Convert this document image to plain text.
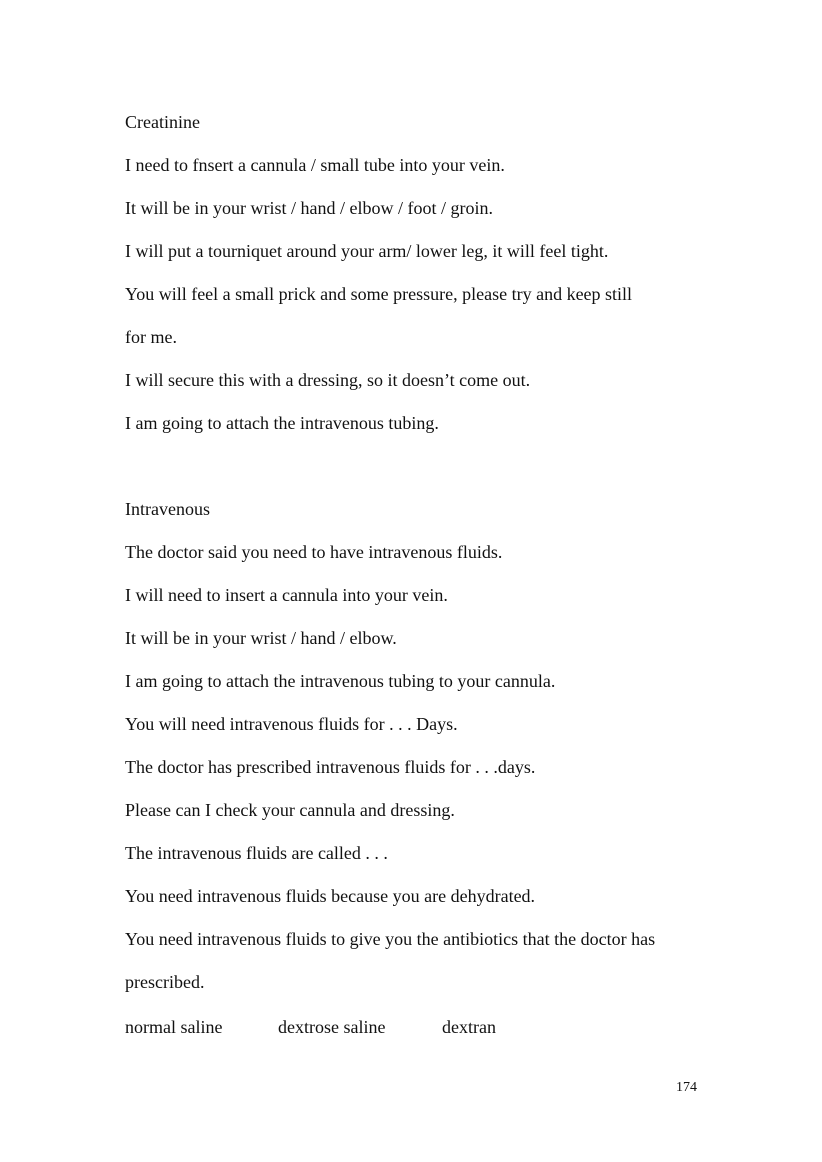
Creatinine
I need to fnsert a cannula / small tube into your vein.
It will be in your wrist / hand / elbow / foot / groin.
I will put a tourniquet around your arm/ lower leg, it will feel tight.
You will feel a small prick and some pressure, please try and keep still
for me.
I will secure this with a dressing, so it doesn’t come out.
I am going to attach the intravenous tubing.
Intravenous
The doctor said you need to have intravenous fluids.
I will need to insert a cannula into your vein.
It will be in your wrist / hand / elbow.
I am going to attach the intravenous tubing to your cannula.
You will need intravenous fluids for . . . Days.
The doctor has prescribed intravenous fluids for . . .days.
Please can I check your cannula and dressing.
The intravenous fluids are called . . .
You need intravenous fluids because you are dehydrated.
You need intravenous fluids to give you the antibiotics that the doctor has
prescribed.
normal saline	dextrose saline	dextran
174
